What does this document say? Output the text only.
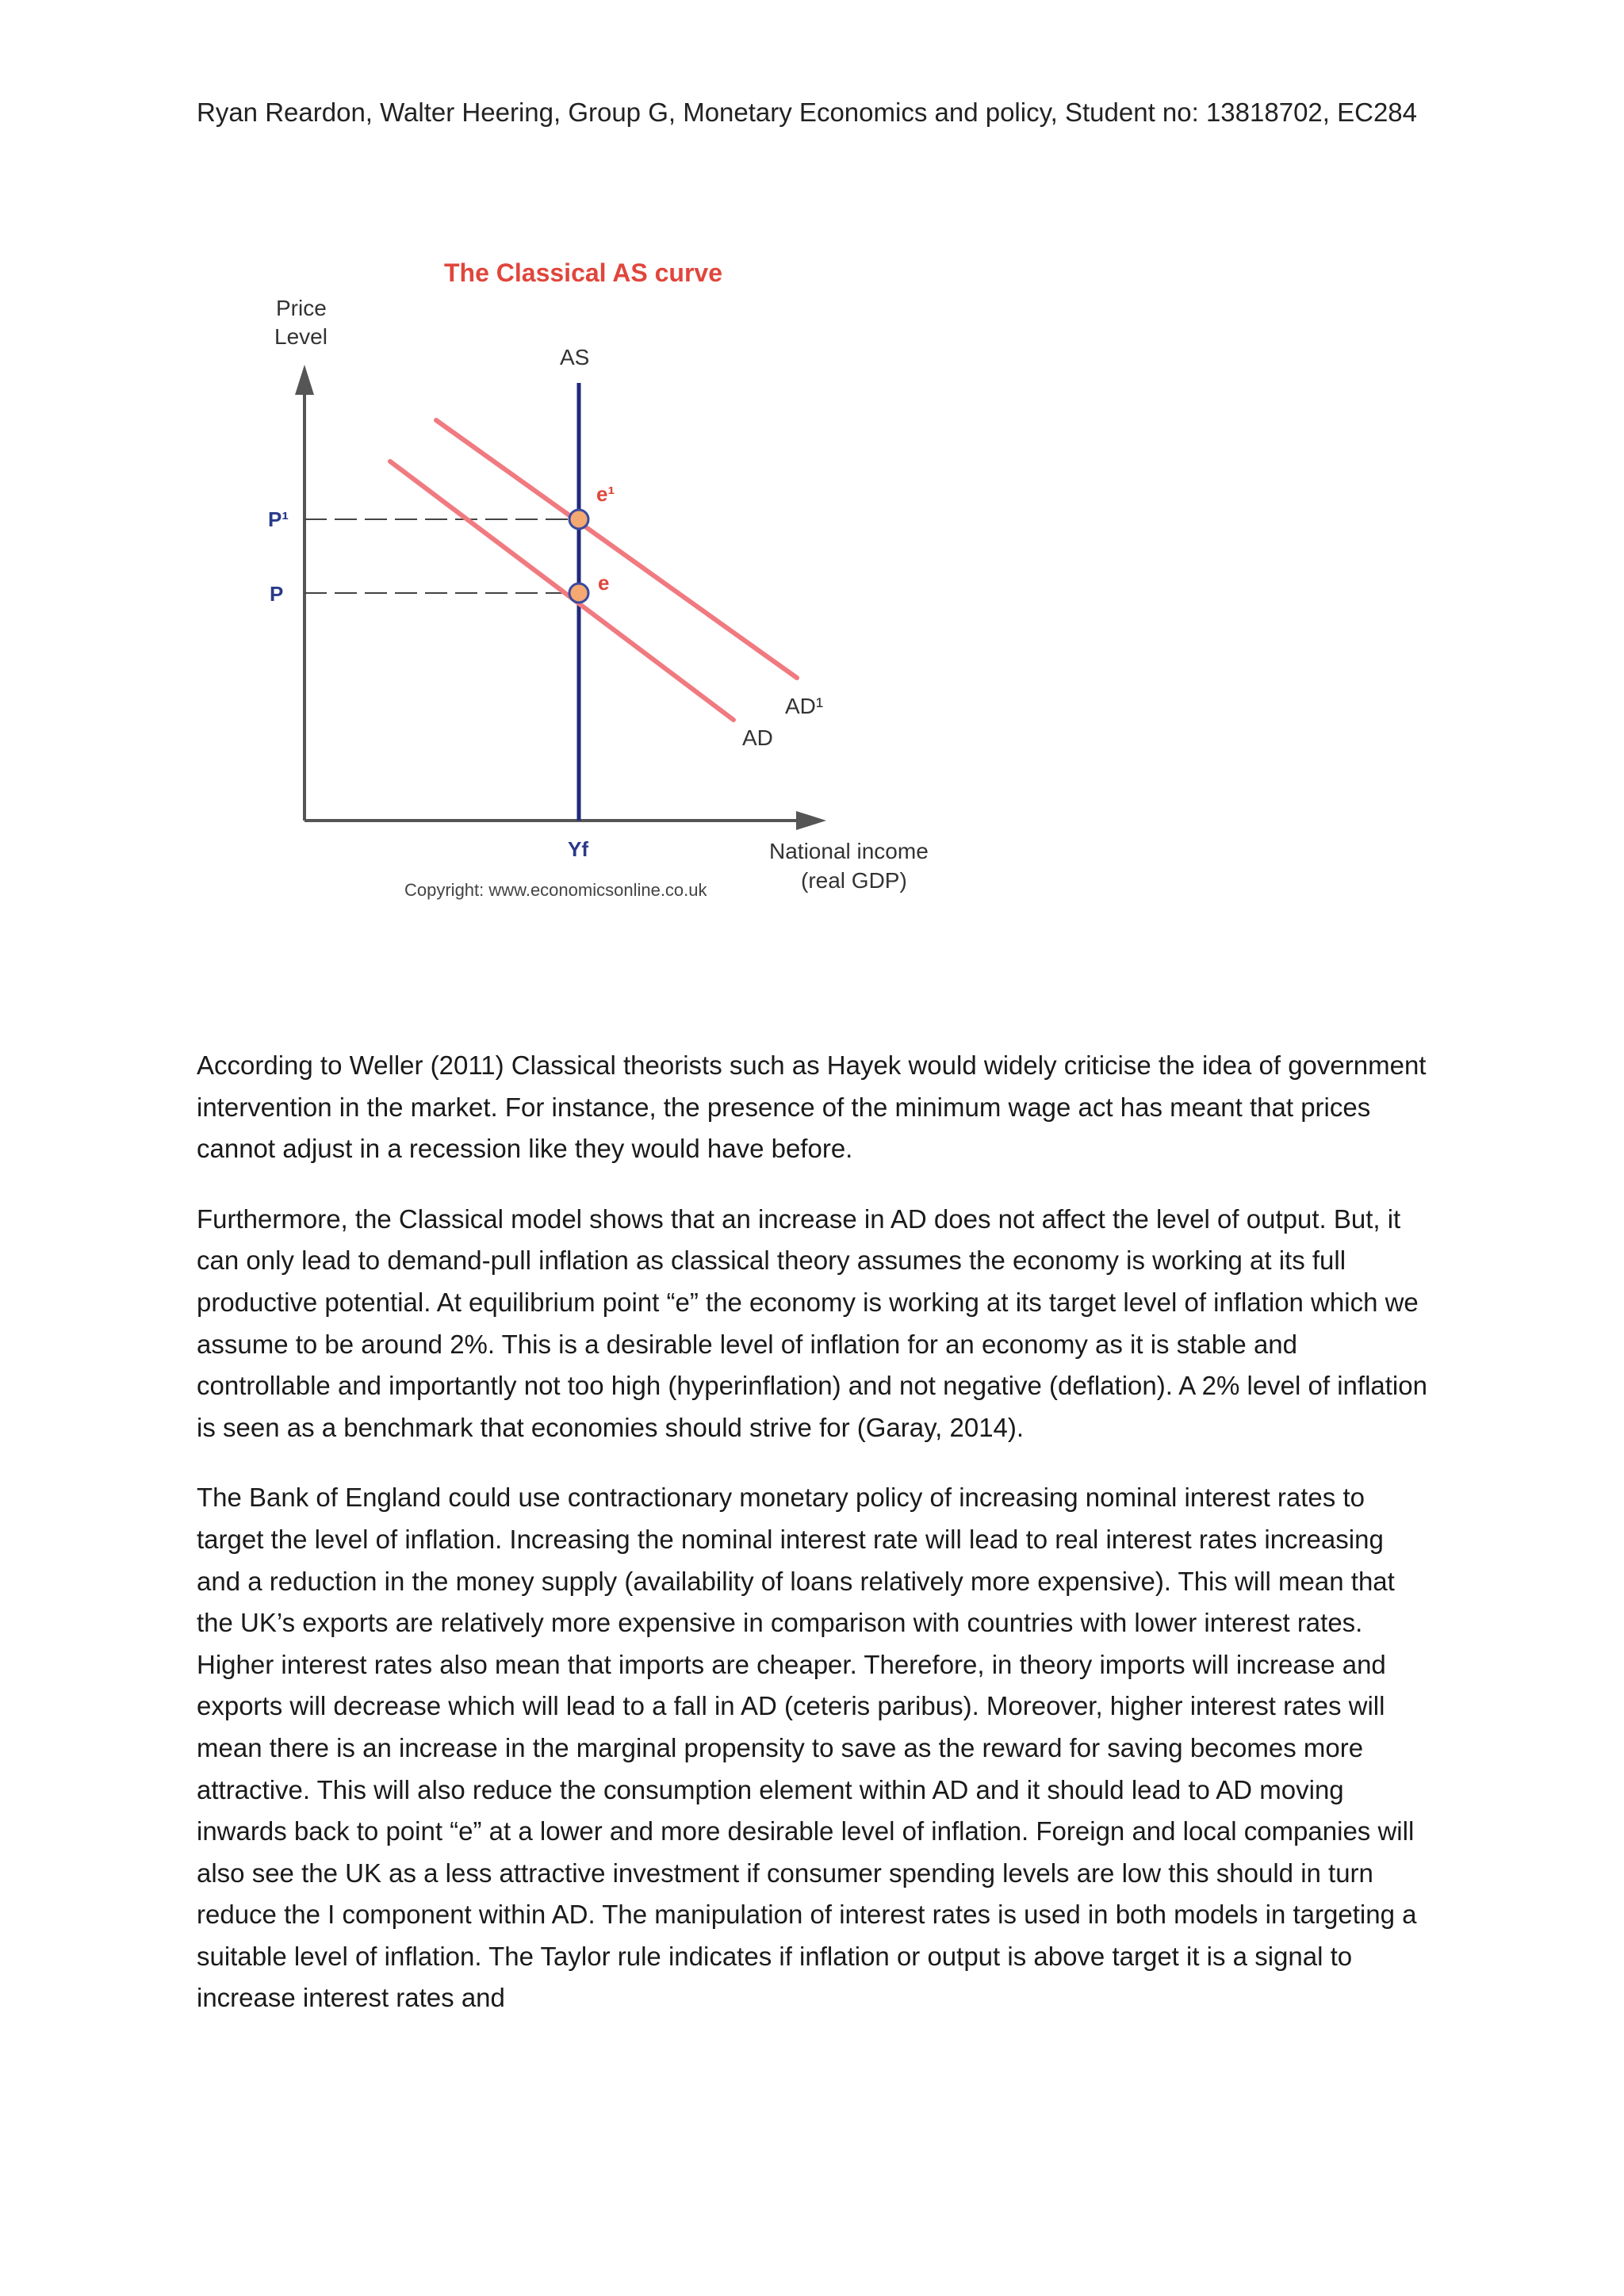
Ryan Reardon, Walter Heering, Group G, Monetary Economics and policy, Student no: 13818702, EC284
The Classical AS curve
Price
Level
National income
(real GDP)
AS
P¹
P
AD¹
AD
e¹
e
Yf
Copyright: www.economicsonline.co.uk

According to Weller (2011) Classical theorists such as Hayek would widely criticise the idea of government intervention in the market. For instance, the presence of the minimum wage act has meant that prices cannot adjust in a recession like they would have before.

Furthermore, the Classical model shows that an increase in AD does not affect the level of output. But, it can only lead to demand-pull inflation as classical theory assumes the economy is working at its full productive potential. At equilibrium point “e” the economy is working at its target level of inflation which we assume to be around 2%. This is a desirable level of inflation for an economy as it is stable and controllable and importantly not too high (hyperinflation) and not negative (deflation). A 2% level of inflation is seen as a benchmark that economies should strive for (Garay, 2014).

The Bank of England could use contractionary monetary policy of increasing nominal interest rates to target the level of inflation. Increasing the nominal interest rate will lead to real interest rates increasing and a reduction in the money supply (availability of loans relatively more expensive). This will mean that the UK’s exports are relatively more expensive in comparison with countries with lower interest rates. Higher interest rates also mean that imports are cheaper. Therefore, in theory imports will increase and exports will decrease which will lead to a fall in AD (ceteris paribus). Moreover, higher interest rates will mean there is an increase in the marginal propensity to save as the reward for saving becomes more attractive. This will also reduce the consumption element within AD and it should lead to AD moving inwards back to point “e” at a lower and more desirable level of inflation. Foreign and local companies will also see the UK as a less attractive investment if consumer spending levels are low this should in turn reduce the I component within AD. The manipulation of interest rates is used in both models in targeting a suitable level of inflation. The Taylor rule indicates if inflation or output is above target it is a signal to increase interest rates and
